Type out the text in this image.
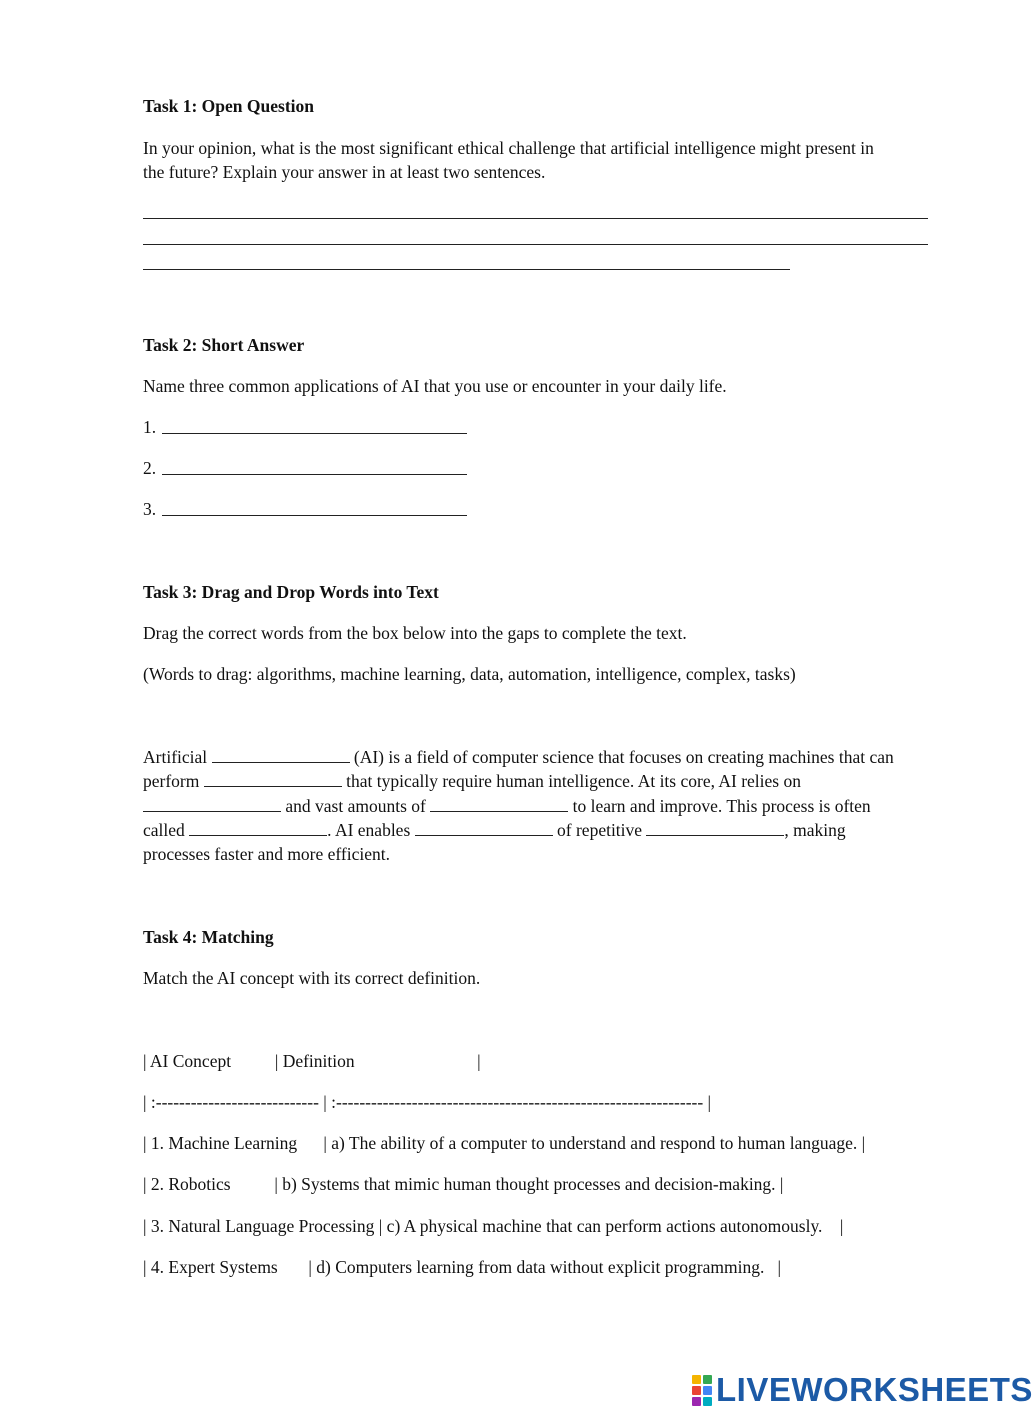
Task 1: Open Question

In your opinion, what is the most significant ethical challenge that artificial intelligence might present in

the future? Explain your answer in at least two sentences.

Task 2: Short Answer

Name three common applications of AI that you use or encounter in your daily life.

1.

2.

3.

Task 3: Drag and Drop Words into Text

Drag the correct words from the box below into the gaps to complete the text.

(Words to drag: algorithms, machine learning, data, automation, intelligence, complex, tasks)

Artificial	(AI) is a field of computer science that focuses on creating machines that can

perform	that typically require human intelligence. At its core, AI relies on

and vast amounts of	to learn and improve. This process is often

called	. AI enables	of repetitive	, making

processes faster and more efficient.

Task 4: Matching

Match the AI concept with its correct definition.

| AI Concept          | Definition                            |

| :---------------------------- | :--------------------------------------------------------------- |

| 1. Machine Learning      | a) The ability of a computer to understand and respond to human language. |

| 2. Robotics          | b) Systems that mimic human thought processes and decision-making. |

| 3. Natural Language Processing | c) A physical machine that can perform actions autonomously.    |

| 4. Expert Systems       | d) Computers learning from data without explicit programming.   |

LIVEWORKSHEETS
